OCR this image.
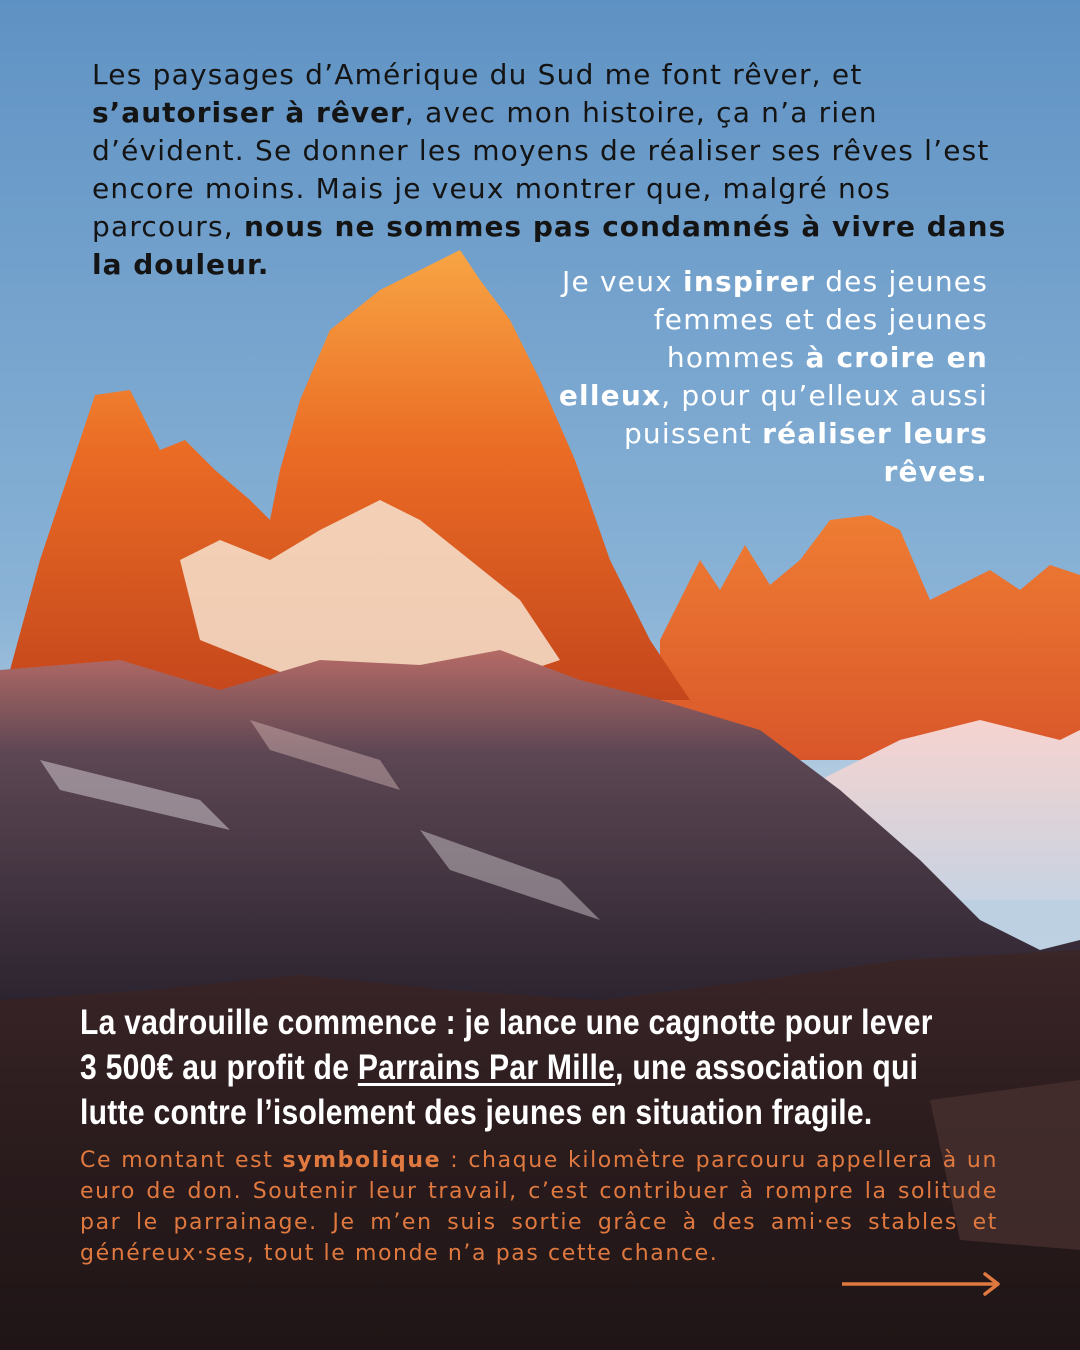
Les paysages d’Amérique du Sud me font rêver, et s’autoriser à rêver, avec mon histoire, ça n’a rien d’évident. Se donner les moyens de réaliser ses rêves l’est encore moins. Mais je veux montrer que, malgré nos parcours, nous ne sommes pas condamnés à vivre dans la douleur.
Je veux inspirer des jeunes femmes et des jeunes hommes à croire en elleux, pour qu’elleux aussi puissent réaliser leurs rêves.
La vadrouille commence : je lance une cagnotte pour lever
3 500€ au profit de Parrains Par Mille, une association qui
lutte contre l’isolement des jeunes en situation fragile.
Ce montant est symbolique : chaque kilomètre parcouru appellera à un euro de don. Soutenir leur travail, c’est contribuer à rompre la solitude par le parrainage. Je m’en suis sortie grâce à des ami·es stables et généreux·ses, tout le monde n’a pas cette chance.
